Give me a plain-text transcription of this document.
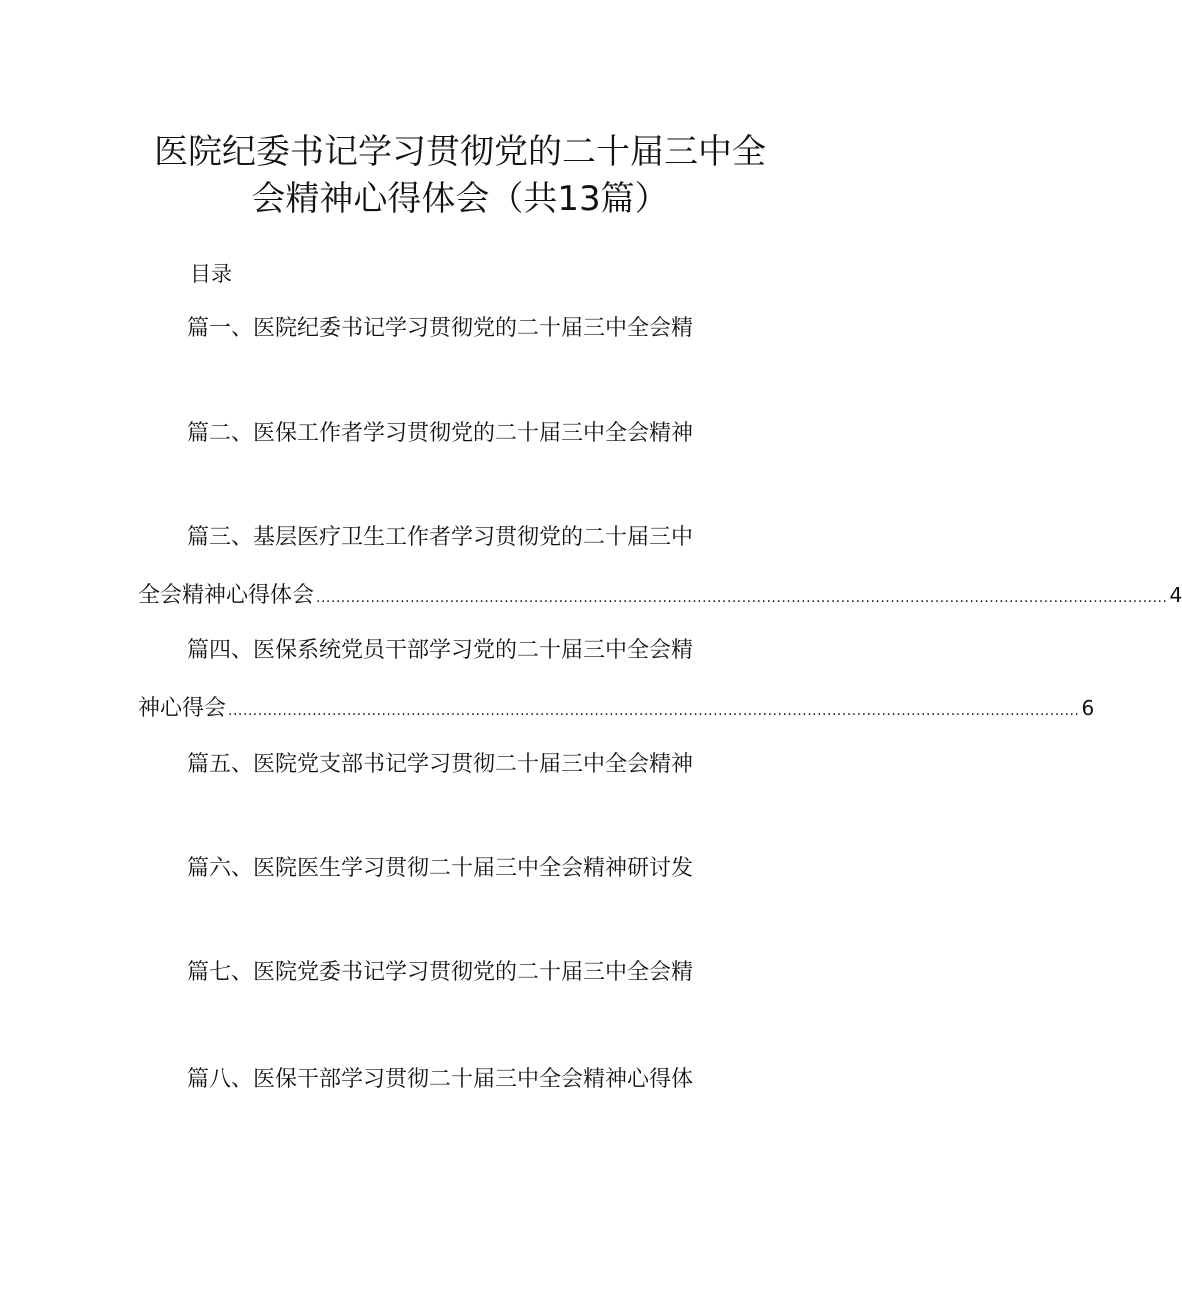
医院纪委书记学习贯彻党的二十届三中全
会精神心得体会（共13篇）
目录
篇一、医院纪委书记学习贯彻党的二十届三中全会精
篇二、医保工作者学习贯彻党的二十届三中全会精神
篇三、基层医疗卫生工作者学习贯彻党的二十届三中
全会精神心得体会 ............................................................................................................................................................................ 4
篇四、医保系统党员干部学习党的二十届三中全会精
神心得会 ............................................................................................................................................................................ 6
篇五、医院党支部书记学习贯彻二十届三中全会精神
篇六、医院医生学习贯彻二十届三中全会精神研讨发
篇七、医院党委书记学习贯彻党的二十届三中全会精
篇八、医保干部学习贯彻二十届三中全会精神心得体
